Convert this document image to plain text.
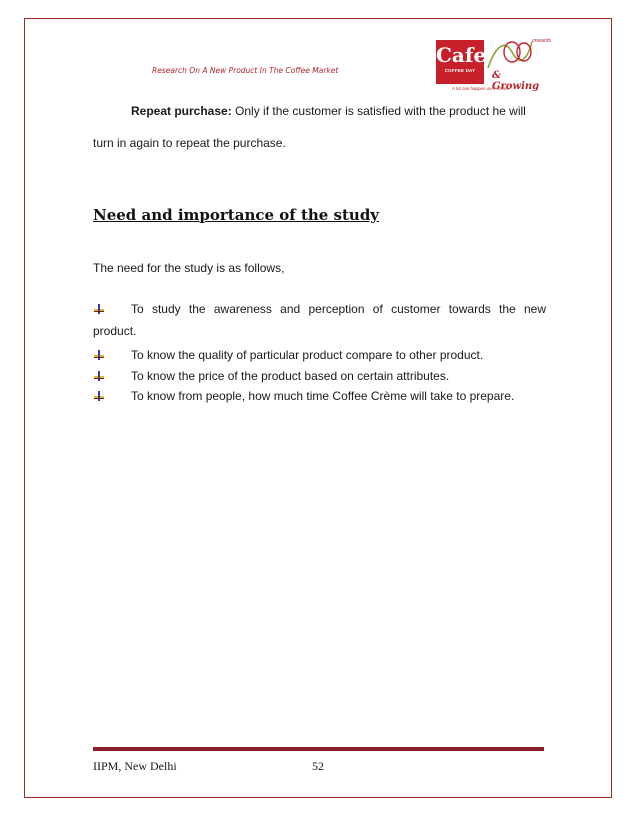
Research On A New Product In The Coffee Market
Cafe
COFFEE DAY
onwards
& Growing
A lot can happen over coffee
Repeat purchase: Only if the customer is satisfied with the product he will
turn in again to repeat the purchase.
Need and importance of the study
The need for the study is as follows,
To study the awareness and perception of customer towards the new
product.
To know the quality of particular product compare to other product.
To know the price of the product based on certain attributes.
To know from people, how much time Coffee Crème will take to prepare.
IIPM, New Delhi	52
